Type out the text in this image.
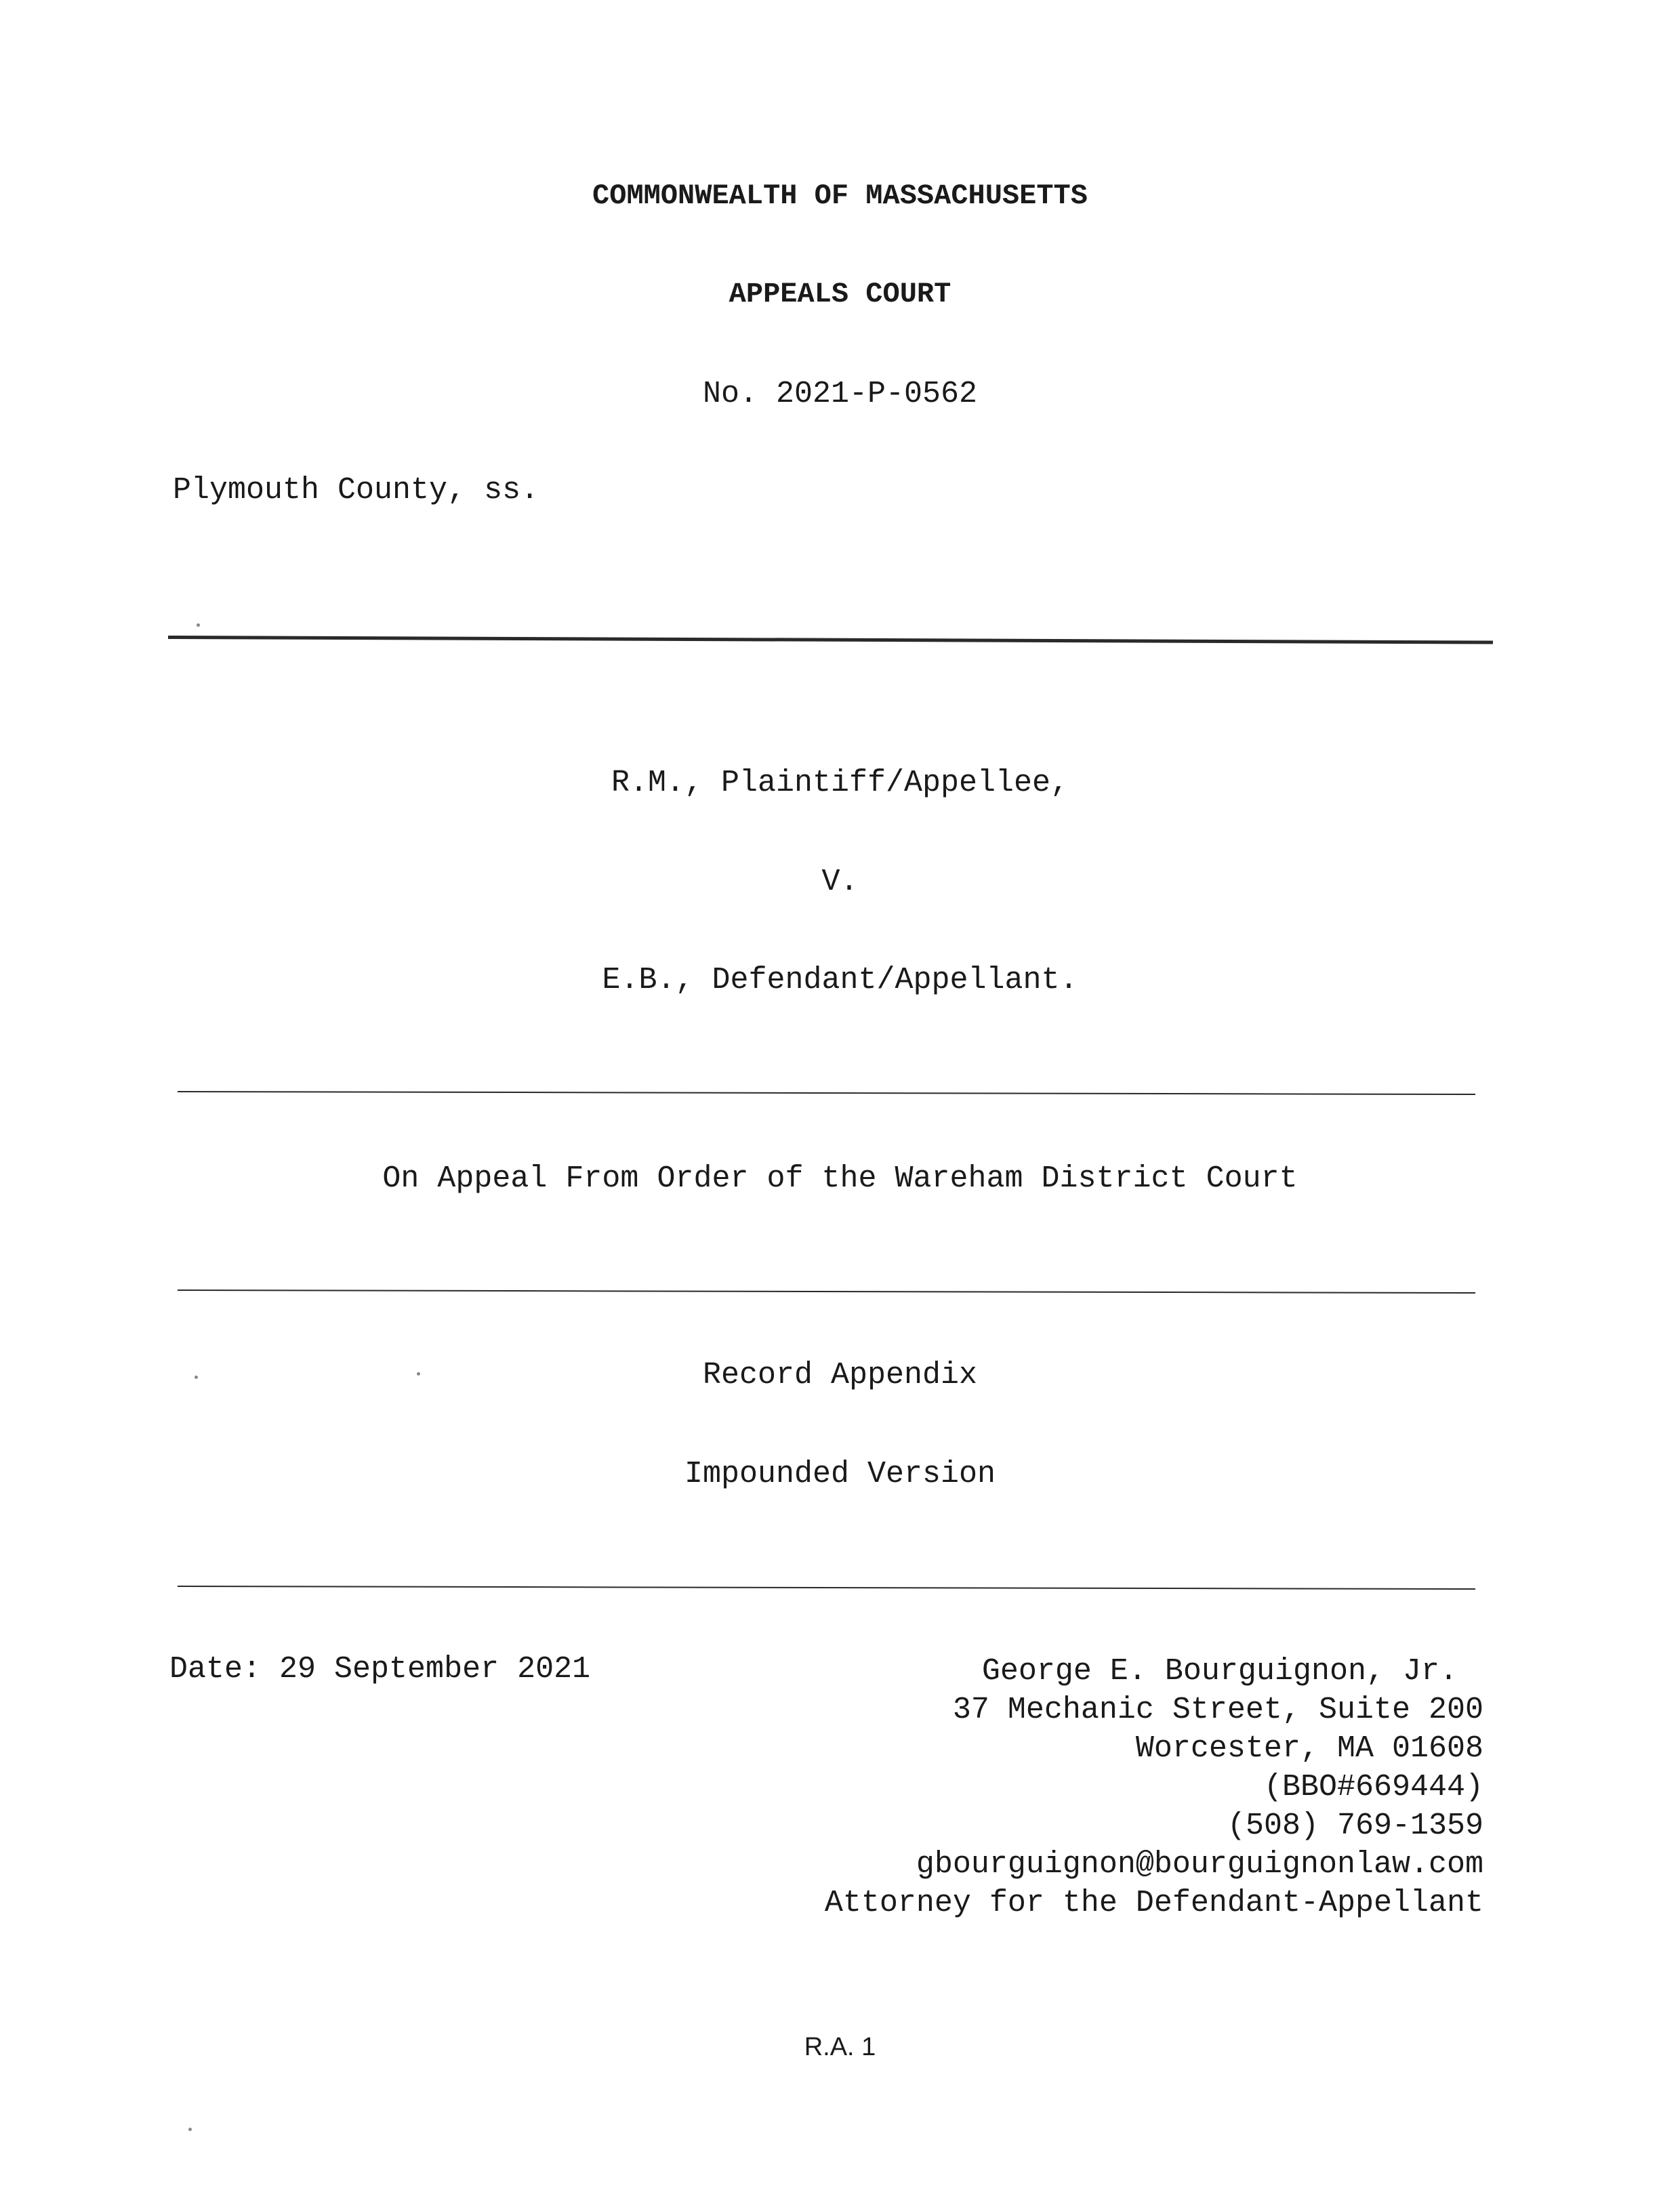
COMMONWEALTH OF MASSACHUSETTS
APPEALS COURT
No. 2021-P-0562
Plymouth County, ss.
R.M., Plaintiff/Appellee,
V.
E.B., Defendant/Appellant.
On Appeal From Order of the Wareham District Court
Record Appendix
Impounded Version
Date: 29 September 2021	George E. Bourguignon, Jr.
37 Mechanic Street, Suite 200
Worcester, MA 01608
(BBO#669444)
(508) 769-1359
gbourguignon@bourguignonlaw.com
Attorney for the Defendant-Appellant
R.A. 1
